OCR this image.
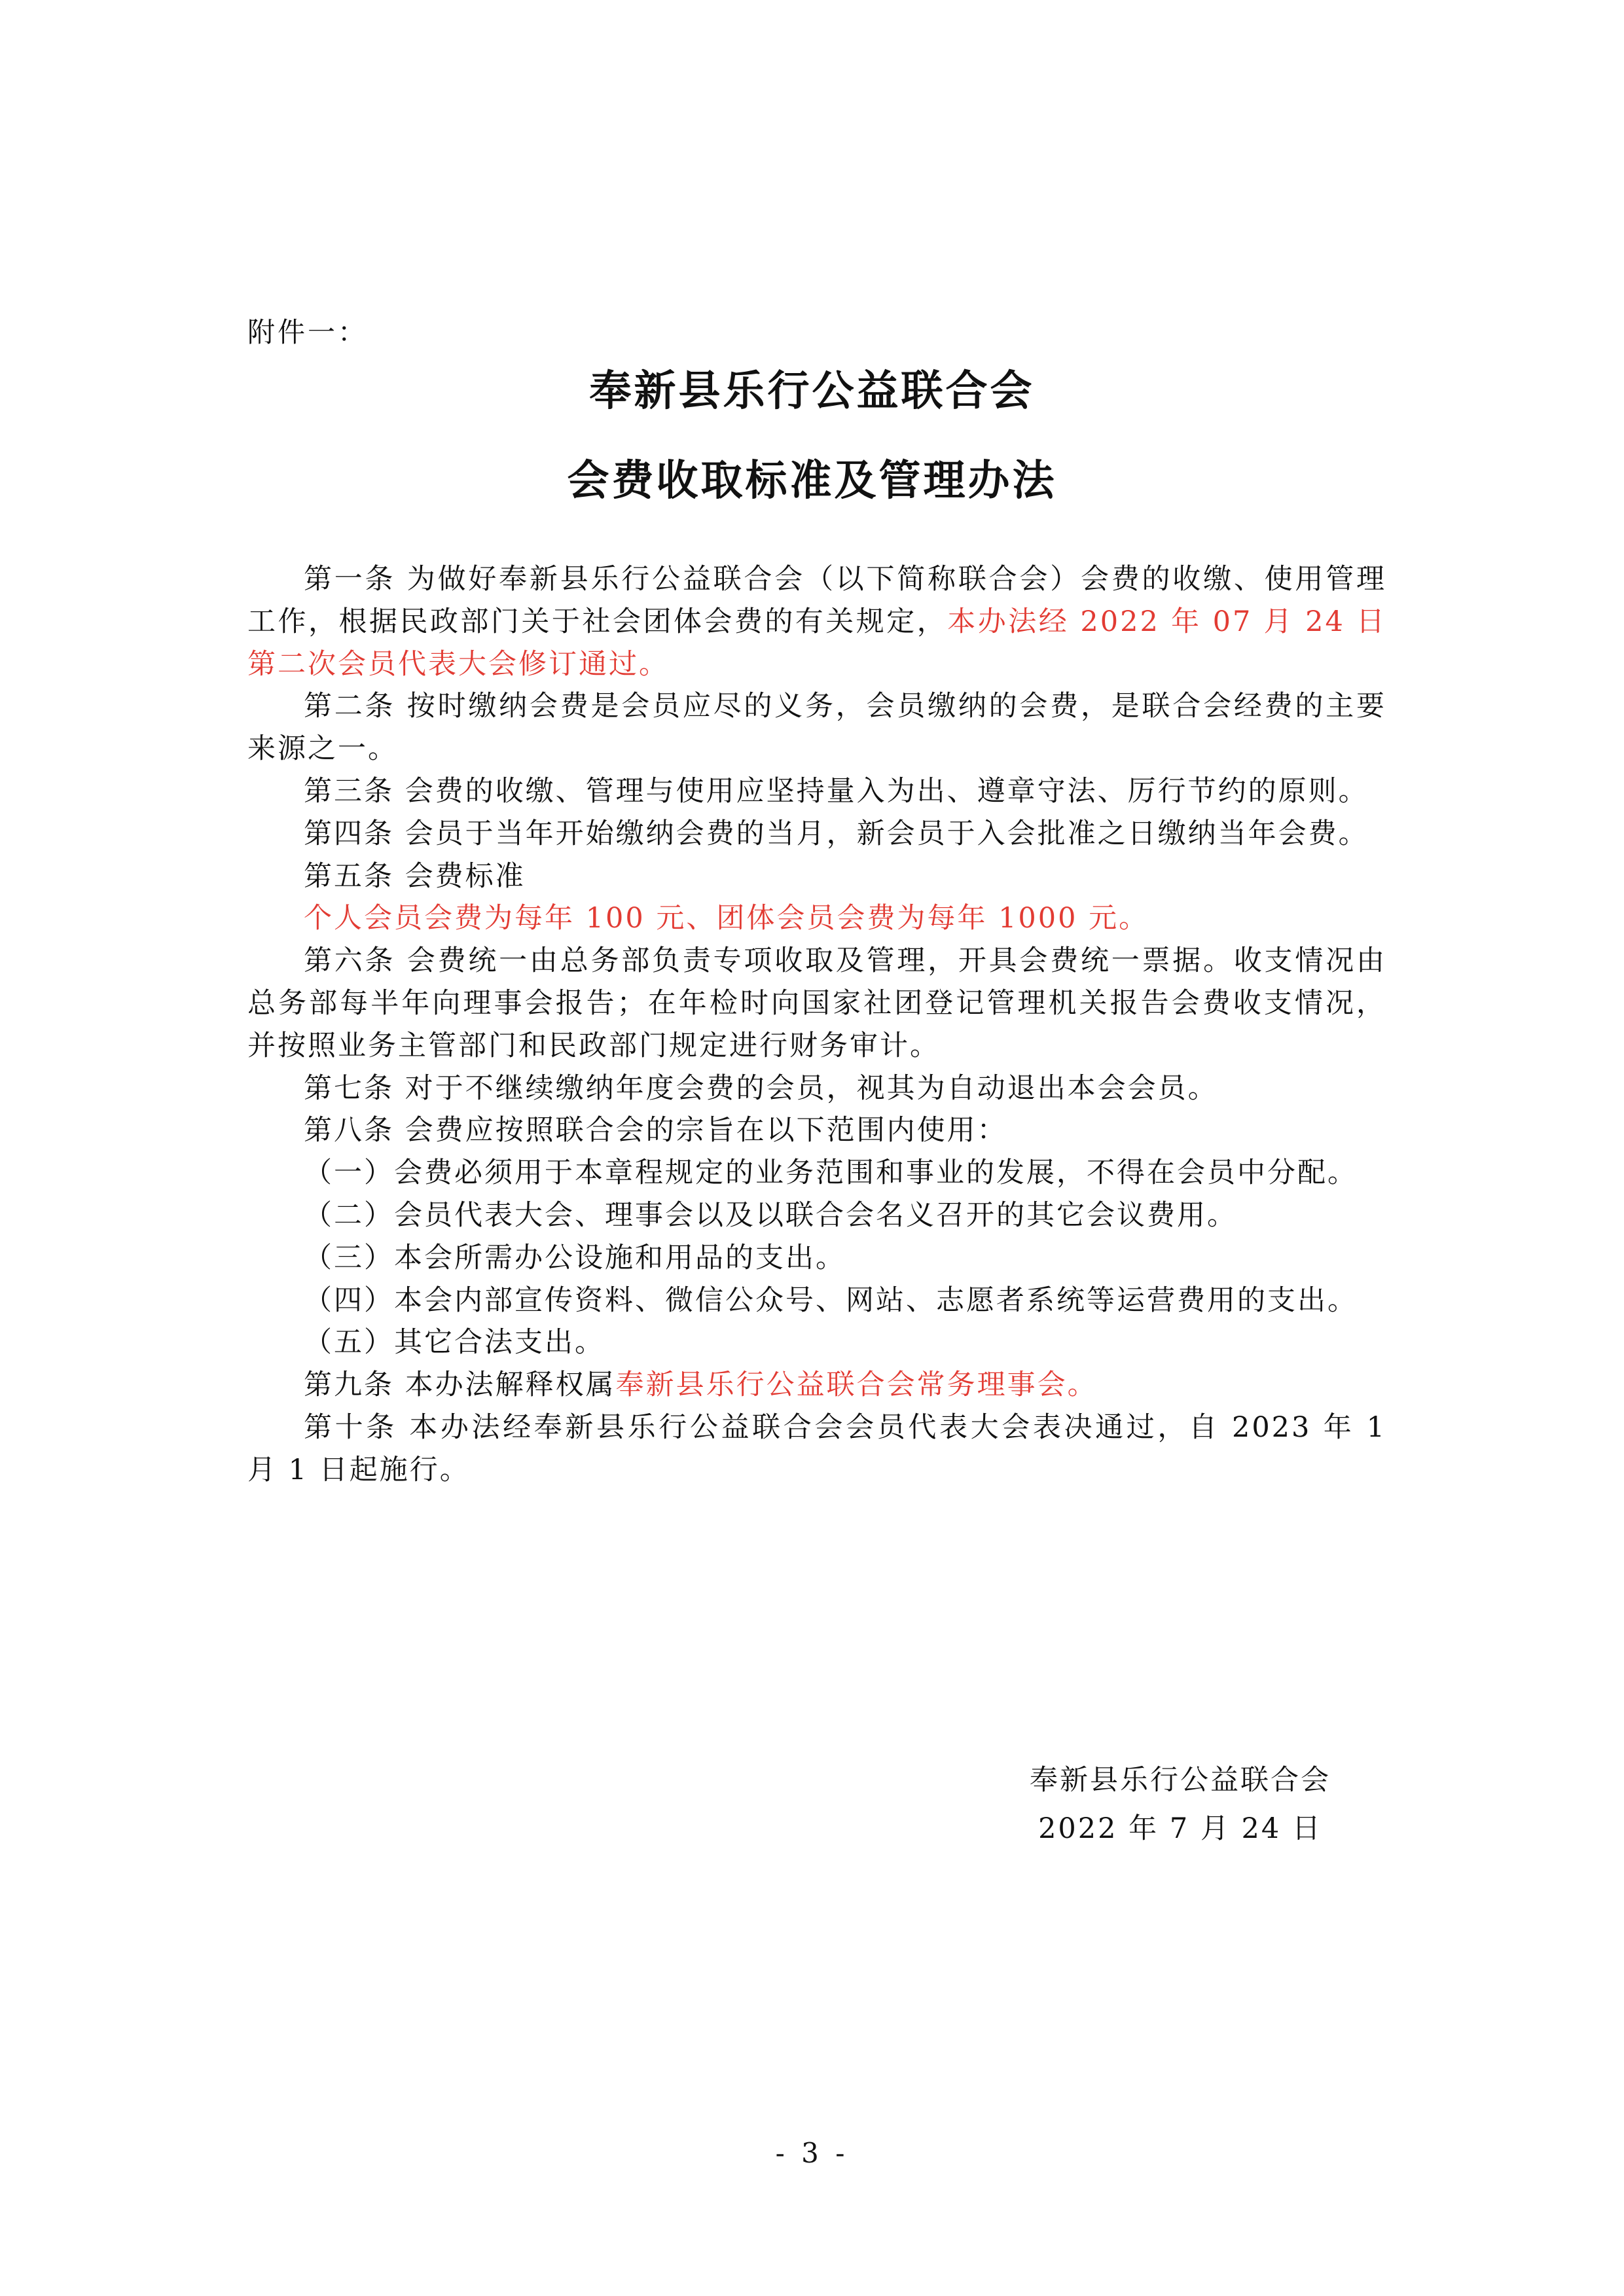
附件一：
奉新县乐行公益联合会
会费收取标准及管理办法

第一条 为做好奉新县乐行公益联合会（以下简称联合会）会费的收缴、使用管理工作，根据民政部门关于社会团体会费的有关规定，本办法经 2022 年 07 月 24 日第二次会员代表大会修订通过。

第二条 按时缴纳会费是会员应尽的义务，会员缴纳的会费，是联合会经费的主要来源之一。

第三条 会费的收缴、管理与使用应坚持量入为出、遵章守法、厉行节约的原则。

第四条 会员于当年开始缴纳会费的当月，新会员于入会批准之日缴纳当年会费。

第五条 会费标准

个人会员会费为每年 100 元、团体会员会费为每年 1000 元。

第六条 会费统一由总务部负责专项收取及管理，开具会费统一票据。收支情况由总务部每半年向理事会报告；在年检时向国家社团登记管理机关报告会费收支情况，并按照业务主管部门和民政部门规定进行财务审计。

第七条 对于不继续缴纳年度会费的会员，视其为自动退出本会会员。

第八条 会费应按照联合会的宗旨在以下范围内使用：

（一）会费必须用于本章程规定的业务范围和事业的发展，不得在会员中分配。

（二）会员代表大会、理事会以及以联合会名义召开的其它会议费用。

（三）本会所需办公设施和用品的支出。

（四）本会内部宣传资料、微信公众号、网站、志愿者系统等运营费用的支出。

（五）其它合法支出。

第九条 本办法解释权属奉新县乐行公益联合会常务理事会。

第十条 本办法经奉新县乐行公益联合会会员代表大会表决通过，自 2023 年 1 月 1 日起施行。

奉新县乐行公益联合会
2022 年 7 月 24 日
- 3 -
